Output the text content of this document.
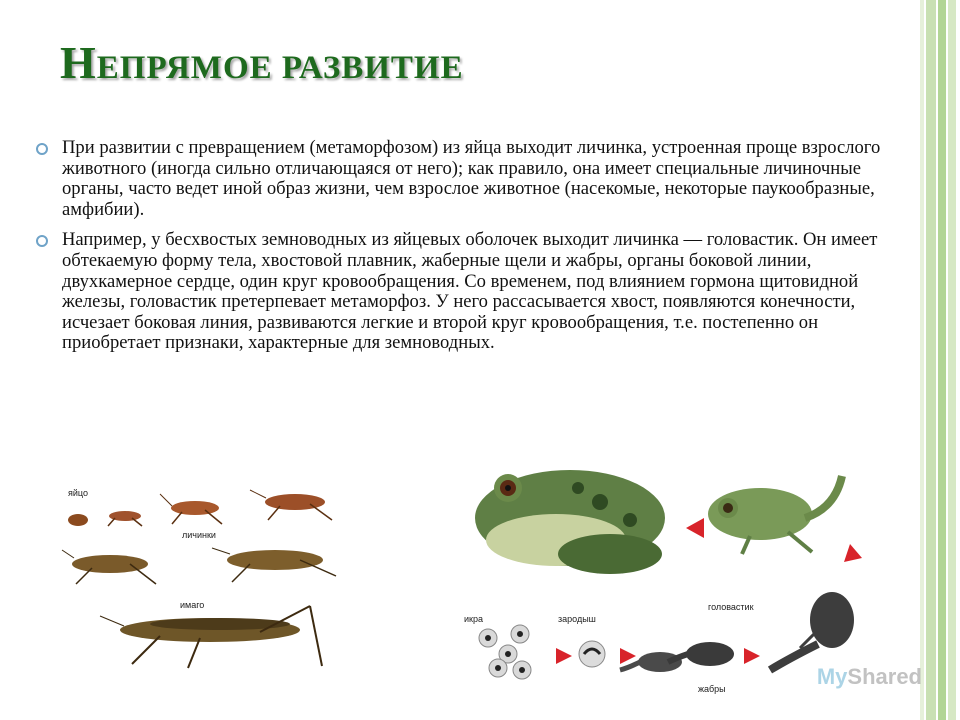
НЕПРЯМОЕ РАЗВИТИЕ

При развитии с превращением (метаморфозом) из яйца выходит личинка, устроенная проще взрослого животного (иногда сильно отличающаяся от него); как правило, она имеет специальные личиночные органы, часто ведет иной образ жизни, чем взрослое животное (насекомые, некоторые паукообразные, амфибии).

Например, у бесхвостых земноводных из яйцевых оболочек выходит личинка — головастик. Он имеет обтекаемую форму тела, хвостовой плавник, жаберные щели и жабры, органы боковой линии, двухкамерное сердце, один круг кровообращения. Со временем, под влиянием гормона щитовидной железы, головастик претерпевает метаморфоз. У него рассасывается хвост, появляются конечности, исчезает боковая линия, развиваются легкие и второй круг кровообращения, т.е. постепенно он приобретает признаки, характерные для земноводных.

яйцо
личинки
имаго
икра	зародыш
головастик
жабры	MyShared
